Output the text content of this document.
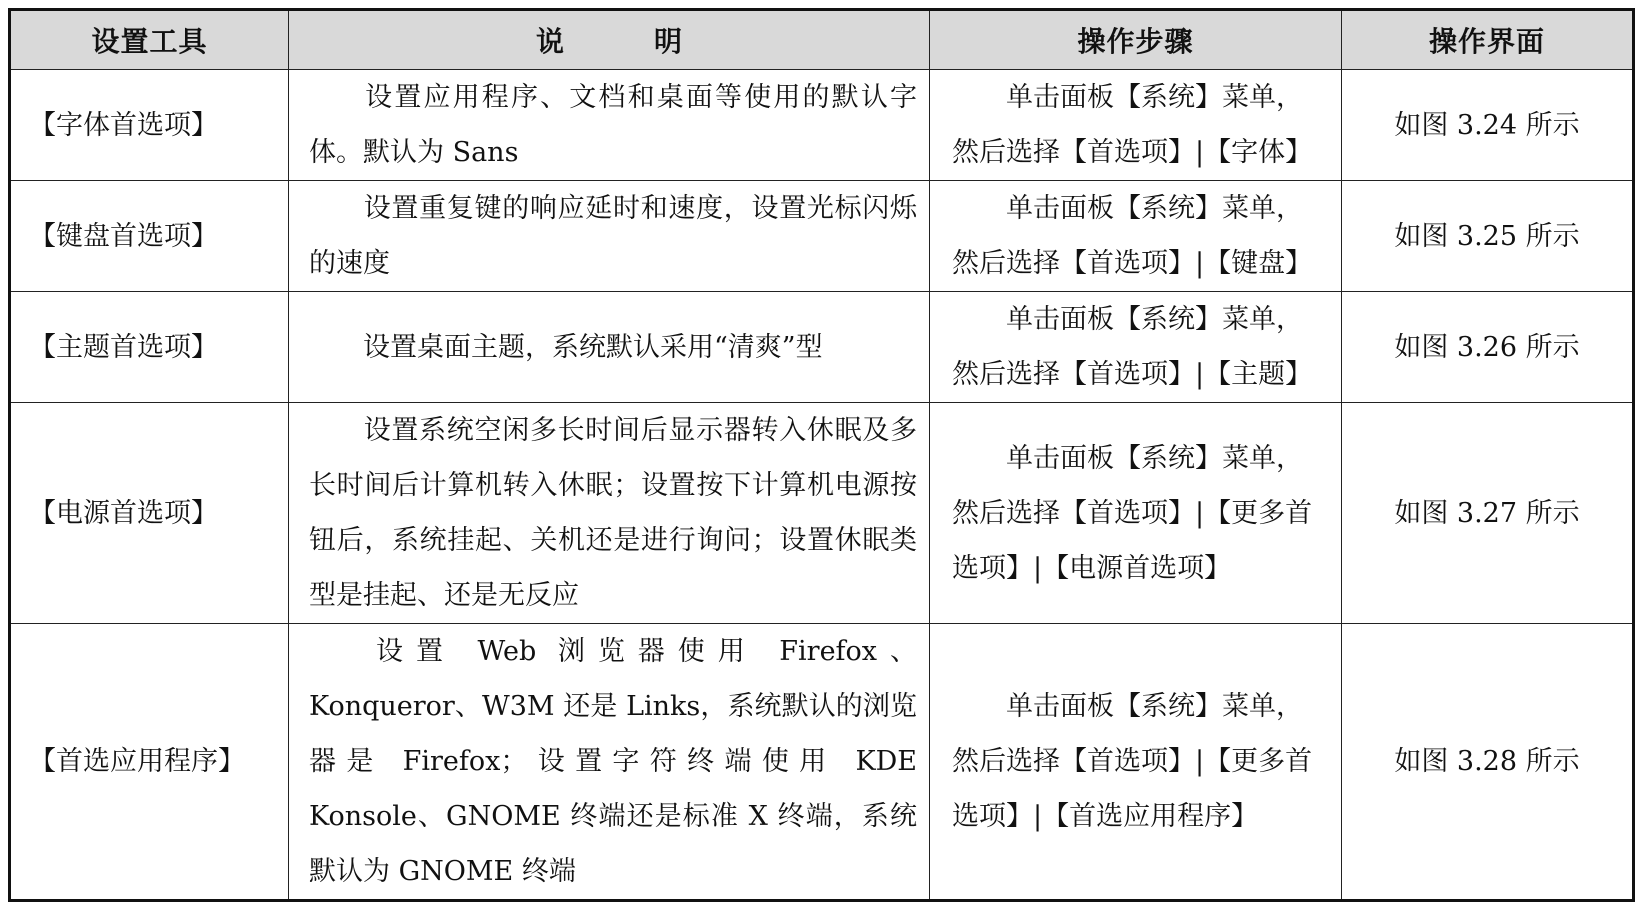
设置工具	说 明	操作步骤	操作界面
【字体首选项】	设置应用程序、文档和桌面等使用的默认字体。默认为 Sans	单击面板【系统】菜单，然后选择【首选项】|【字体】	如图 3.24 所示
【键盘首选项】	设置重复键的响应延时和速度，设置光标闪烁的速度	单击面板【系统】菜单，然后选择【首选项】|【键盘】	如图 3.25 所示
【主题首选项】	设置桌面主题，系统默认采用“清爽”型	单击面板【系统】菜单，然后选择【首选项】|【主题】	如图 3.26 所示
【电源首选项】	设置系统空闲多长时间后显示器转入休眠及多长时间后计算机转入休眠；设置按下计算机电源按钮后，系统挂起、关机还是进行询问；设置休眠类型是挂起、还是无反应	单击面板【系统】菜单，然后选择【首选项】|【更多首选项】|【电源首选项】	如图 3.27 所示
【首选应用程序】	设置 Web 浏览器使用 Firefox、Konqueror、W3M 还是 Links，系统默认的浏览器是 Firefox；设置字符终端使用 KDE Konsole、GNOME 终端还是标准 X 终端，系统默认为 GNOME 终端	单击面板【系统】菜单，然后选择【首选项】|【更多首选项】|【首选应用程序】	如图 3.28 所示
